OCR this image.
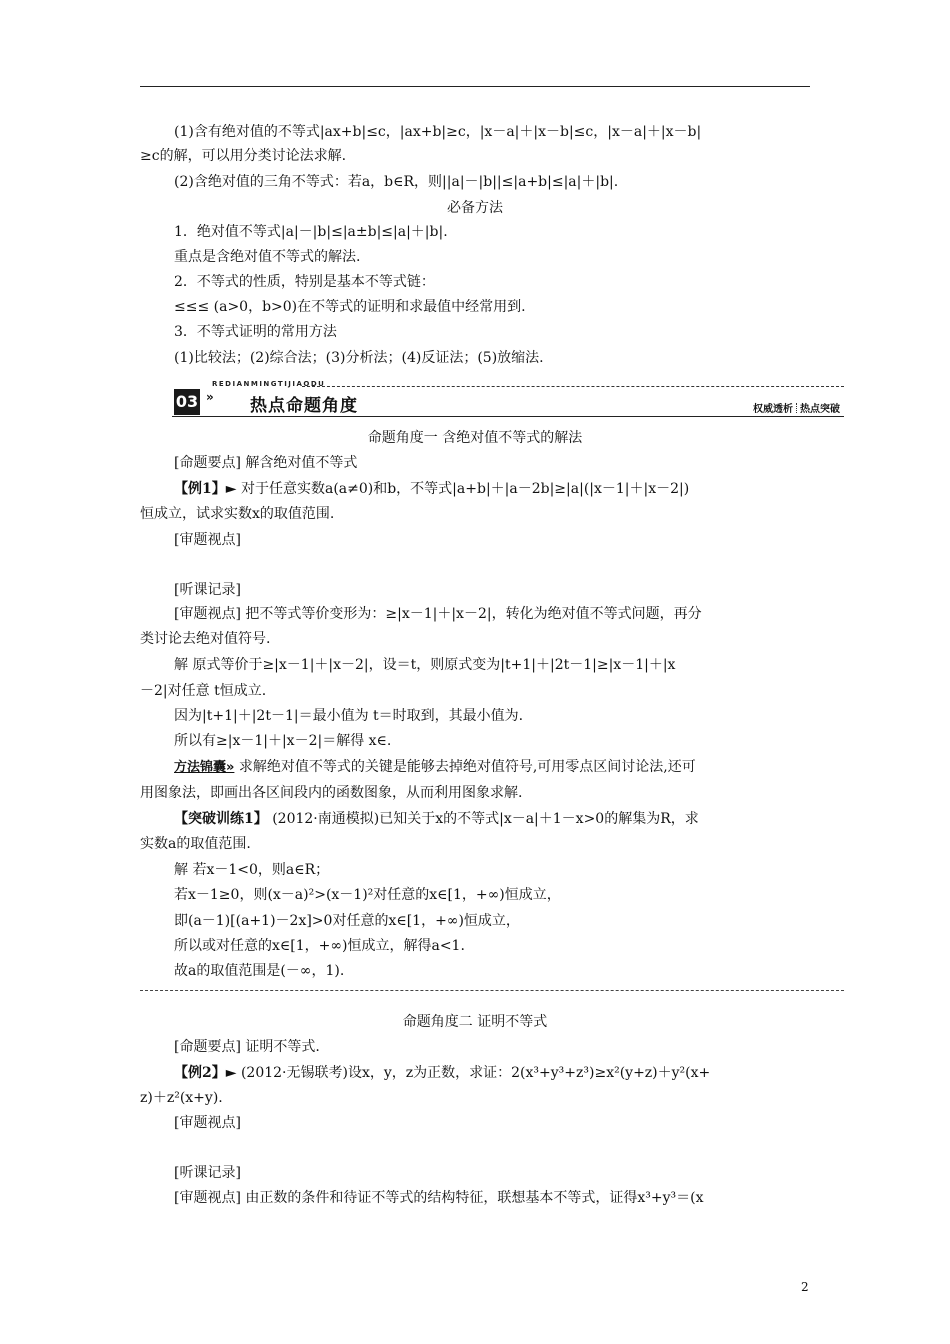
(1)含有绝对值的不等式|ax+b|≤c，|ax+b|≥c，|x－a|＋|x－b|≤c，|x－a|＋|x－b|
≥c的解，可以用分类讨论法求解.
(2)含绝对值的三角不等式：若a，b∈R，则||a|－|b||≤|a+b|≤|a|＋|b|.
必备方法
1．绝对值不等式|a|－|b|≤|a±b|≤|a|＋|b|.
重点是含绝对值不等式的解法.
2．不等式的性质，特别是基本不等式链：
≤≤≤ (a>0，b>0)在不等式的证明和求最值中经常用到.
3．不等式证明的常用方法
(1)比较法；(2)综合法；(3)分析法；(4)反证法；(5)放缩法.
REDIANMINGTIJIAODU
03 » 热点命题角度	权威透析 热点突破
命题角度一 含绝对值不等式的解法
[命题要点] 解含绝对值不等式
【例1】► 对于任意实数a(a≠0)和b，不等式|a+b|＋|a－2b|≥|a|(|x－1|＋|x－2|)
恒成立，试求实数x的取值范围.
[审题视点]
[听课记录]
[审题视点] 把不等式等价变形为：≥|x－1|＋|x－2|，转化为绝对值不等式问题，再分
类讨论去绝对值符号.
解 原式等价于≥|x－1|＋|x－2|，设＝t，则原式变为|t+1|＋|2t－1|≥|x－1|＋|x
－2|对任意 t恒成立.
因为|t+1|＋|2t－1|＝最小值为 t＝时取到，其最小值为.
所以有≥|x－1|＋|x－2|＝解得 x∈.
方法锦囊» 求解绝对值不等式的关键是能够去掉绝对值符号,可用零点区间讨论法,还可
用图象法，即画出各区间段内的函数图象，从而利用图象求解.
【突破训练1】 (2012·南通模拟)已知关于x的不等式|x－a|＋1－x>0的解集为R，求
实数a的取值范围.
解 若x－1<0，则a∈R；
若x－1≥0，则(x－a)²>(x－1)²对任意的x∈[1，+∞)恒成立，
即(a－1)[(a+1)－2x]>0对任意的x∈[1，+∞)恒成立，
所以或对任意的x∈[1，+∞)恒成立，解得a<1.
故a的取值范围是(－∞，1).
命题角度二 证明不等式
[命题要点] 证明不等式.
【例2】► (2012·无锡联考)设x，y，z为正数，求证：2(x³+y³+z³)≥x²(y+z)＋y²(x+
z)＋z²(x+y).
[审题视点]
[听课记录]
[审题视点] 由正数的条件和待证不等式的结构特征，联想基本不等式，证得x³+y³＝(x
2
